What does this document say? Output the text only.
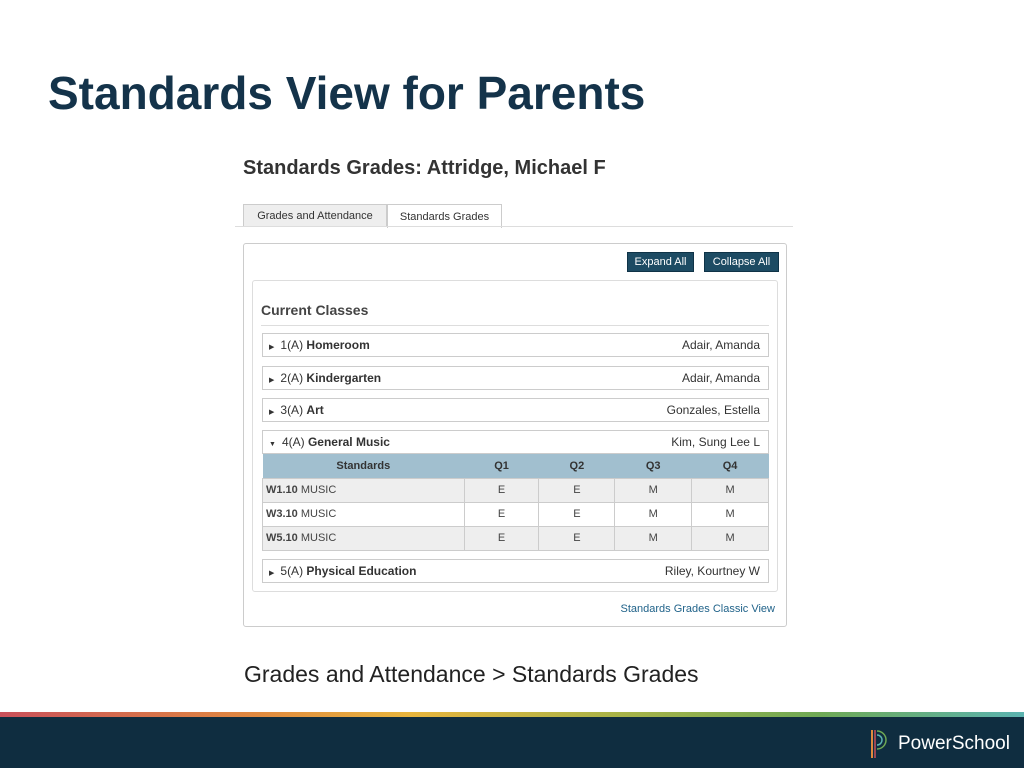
Standards View for Parents
Standards Grades: Attridge, Michael F
Grades and Attendance	Standards Grades
Expand All	Collapse All
Current Classes
▶ 1(A) Homeroom	Adair, Amanda
▶ 2(A) Kindergarten	Adair, Amanda
▶ 3(A) Art	Gonzales, Estella
▼ 4(A) General Music	Kim, Sung Lee L
Standards	Q1	Q2	Q3	Q4
W1.10 MUSIC	E	E	M	M
W3.10 MUSIC	E	E	M	M
W5.10 MUSIC	E	E	M	M
▶ 5(A) Physical Education	Riley, Kourtney W
Standards Grades Classic View
Grades and Attendance > Standards Grades
PowerSchool
